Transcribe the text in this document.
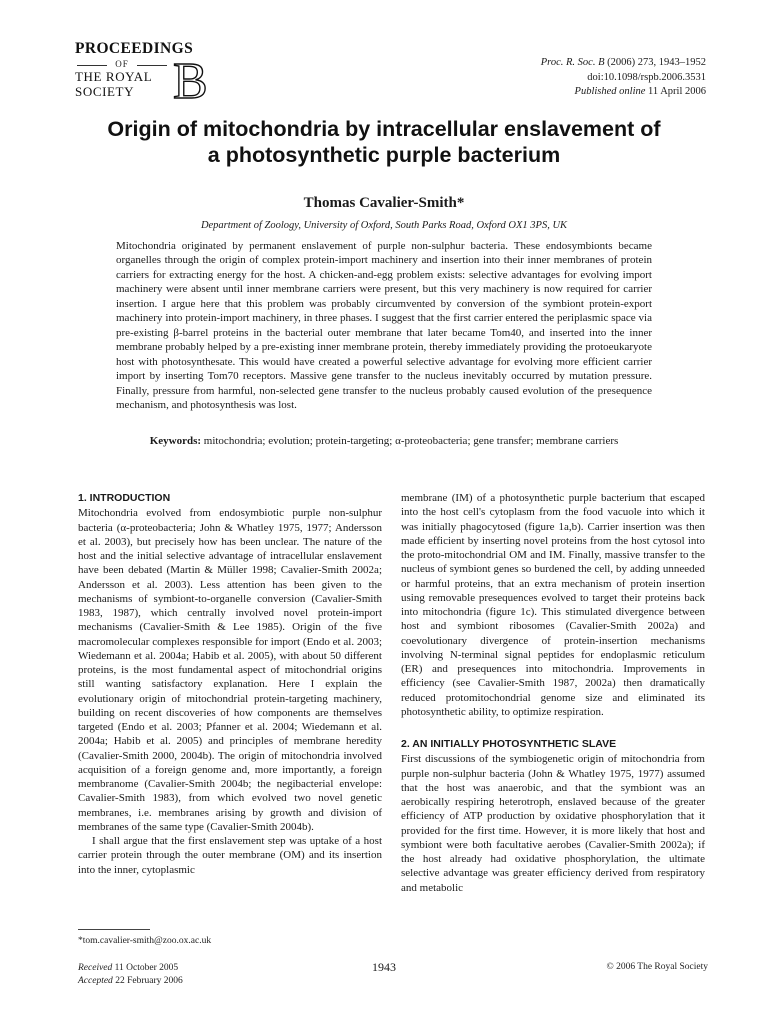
PROCEEDINGS
OF
THE ROYAL
SOCIETY B	Proc. R. Soc. B (2006) 273, 1943–1952
doi:10.1098/rspb.2006.3531
Published online 11 April 2006
Origin of mitochondria by intracellular enslavement of a photosynthetic purple bacterium
Thomas Cavalier-Smith*
Department of Zoology, University of Oxford, South Parks Road, Oxford OX1 3PS, UK
Mitochondria originated by permanent enslavement of purple non-sulphur bacteria. These endosymbionts became organelles through the origin of complex protein-import machinery and insertion into their inner membranes of protein carriers for extracting energy for the host. A chicken-and-egg problem exists: selective advantages for evolving import machinery were absent until inner membrane carriers were present, but this very machinery is now required for carrier insertion. I argue here that this problem was probably circumvented by conversion of the symbiont protein-export machinery into protein-import machinery, in three phases. I suggest that the first carrier entered the periplasmic space via pre-existing β-barrel proteins in the bacterial outer membrane that later became Tom40, and inserted into the inner membrane probably helped by a pre-existing inner membrane protein, thereby immediately providing the protoeukaryote host with photosynthesate. This would have created a powerful selective advantage for evolving more efficient carrier import by inserting Tom70 receptors. Massive gene transfer to the nucleus inevitably occurred by mutation pressure. Finally, pressure from harmful, non-selected gene transfer to the nucleus probably caused evolution of the presequence mechanism, and photosynthesis was lost.
Keywords: mitochondria; evolution; protein-targeting; α-proteobacteria; gene transfer; membrane carriers
1. INTRODUCTION

Mitochondria evolved from endosymbiotic purple non-sulphur bacteria (α-proteobacteria; John & Whatley 1975, 1977; Andersson et al. 2003), but precisely how has been unclear. The nature of the host and the initial selective advantage of intracellular enslavement have been debated (Martin & Müller 1998; Cavalier-Smith 2002a; Andersson et al. 2003). Less attention has been given to the mechanisms of symbiont-to-organelle conversion (Cavalier-Smith 1983, 1987), which centrally involved novel protein-import mechanisms (Cavalier-Smith & Lee 1985). Origin of the five macromolecular complexes responsible for import (Endo et al. 2003; Wiedemann et al. 2004a; Habib et al. 2005), with about 50 different proteins, is the most fundamental aspect of mitochondrial origins still wanting satisfactory explanation. Here I explain the evolutionary origin of mitochondrial protein-targeting machinery, building on recent discoveries of how components are themselves targeted (Endo et al. 2003; Pfanner et al. 2004; Wiedemann et al. 2004a; Habib et al. 2005) and principles of membrane heredity (Cavalier-Smith 2000, 2004b). The origin of mitochondria involved acquisition of a foreign genome and, more importantly, a foreign membranome (Cavalier-Smith 2004b; the negibacterial envelope: Cavalier-Smith 1983), from which evolved two novel genetic membranes, i.e. membranes arising by growth and division of membranes of the same type (Cavalier-Smith 2004b).

I shall argue that the first enslavement step was uptake of a host carrier protein through the outer membrane (OM) and its insertion into the inner, cytoplasmic

membrane (IM) of a photosynthetic purple bacterium that escaped into the host cell's cytoplasm from the food vacuole into which it was initially phagocytosed (figure 1a,b). Carrier insertion was then made efficient by inserting novel proteins from the host cytosol into the proto-mitochondrial OM and IM. Finally, massive transfer to the nucleus of symbiont genes so burdened the cell, by adding unneeded or harmful proteins, that an extra mechanism of protein insertion using removable presequences evolved to target their proteins back into mitochondria (figure 1c). This stimulated divergence between host and symbiont ribosomes (Cavalier-Smith 2002a) and coevolutionary divergence of protein-insertion mechanisms involving N-terminal signal peptides for endoplasmic reticulum (ER) and presequences into mitochondria. Improvements in efficiency (see Cavalier-Smith 1987, 2002a) then dramatically reduced protomitochondrial genome size and eliminated its photosynthetic ability, to optimize respiration.

2. AN INITIALLY PHOTOSYNTHETIC SLAVE

First discussions of the symbiogenetic origin of mitochondria from purple non-sulphur bacteria (John & Whatley 1975, 1977) assumed that the host was anaerobic, and that the symbiont was an aerobically respiring heterotroph, enslaved because of the greater efficiency of ATP production by oxidative phosphorylation that it provided for the first time. However, it is more likely that host and symbiont were both facultative aerobes (Cavalier-Smith 2002a); if the host already had oxidative phosphorylation, the ultimate selective advantage was greater efficiency derived from respiratory and metabolic

*tom.cavalier-smith@zoo.ox.ac.uk
Received 11 October 2005
Accepted 22 February 2006
1943	© 2006 The Royal Society
